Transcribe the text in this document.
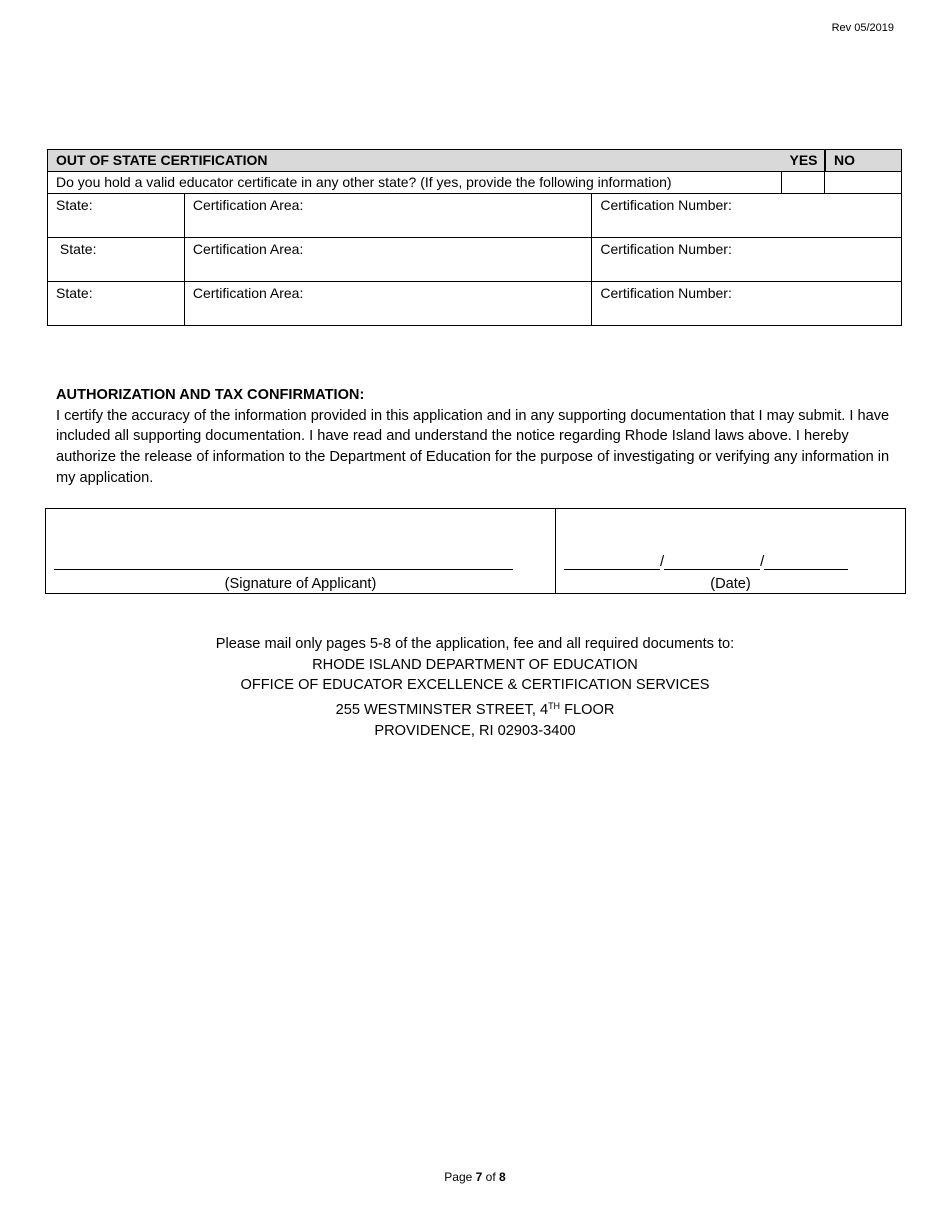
Rev 05/2019
OUT OF STATE CERTIFICATION				YES NO

Do you hold a valid educator certificate in any other state? (If yes, provide the following information)				
State:	Certification Area:	Certification Number:		
State:	Certification Area:	Certification Number:		
State:	Certification Area:	Certification Number:		
AUTHORIZATION AND TAX CONFIRMATION:
I certify the accuracy of the information provided in this application and in any supporting documentation that I may submit. I have included all supporting documentation. I have read and understand the notice regarding Rhode Island laws above. I hereby authorize the release of information to the Department of Education for the purpose of investigating or verifying any information in my application.
(Signature of Applicant)
/	/
(Date)
Please mail only pages 5-8 of the application, fee and all required documents to:
RHODE ISLAND DEPARTMENT OF EDUCATION
OFFICE OF EDUCATOR EXCELLENCE & CERTIFICATION SERVICES
255 WESTMINSTER STREET, 4TH FLOOR
PROVIDENCE, RI 02903-3400
Page 7 of 8
